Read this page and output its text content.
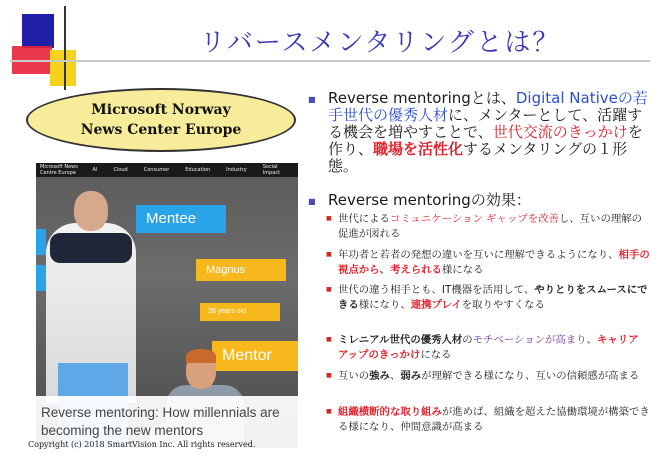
リバースメンタリングとは？
Microsoft Norway
News Center Europe
Microsoft News Centre Europe	AI	Cloud	Consumer	Education	Industry	Social Impact
Mentee
Magnus
28 years old
Mentor
Reverse mentoring: How millennials are becoming the new mentors
Copyright (c) 2018 SmartVision Inc. All rights reserved.
■ Reverse mentoringとは、Digital Nativeの若手世代の優秀人材に、メンターとして、活躍する機会を増やすことで、世代交流のきっかけを作り、職場を活性化するメンタリングの１形態。
■ Reverse mentoringの効果：
■ 世代によるコミュニケーション ギャップを改善し、互いの理解の促進が図れる
■ 年功者と若者の発想の違いを互いに理解できるようになり、相手の視点から、考えられる様になる
■ 世代の違う相手とも、IT機器を活用して、やりとりをスムースにできる様になり、連携プレイを取りやすくなる
■ ミレニアル世代の優秀人材のモチベーションが高まり、キャリア アップのきっかけになる
■ 互いの強み、弱みが理解できる様になり、互いの信頼感が高まる
■ 組織横断的な取り組みが進めば、組織を超えた協働環境が構築できる様になり、仲間意識が高まる
